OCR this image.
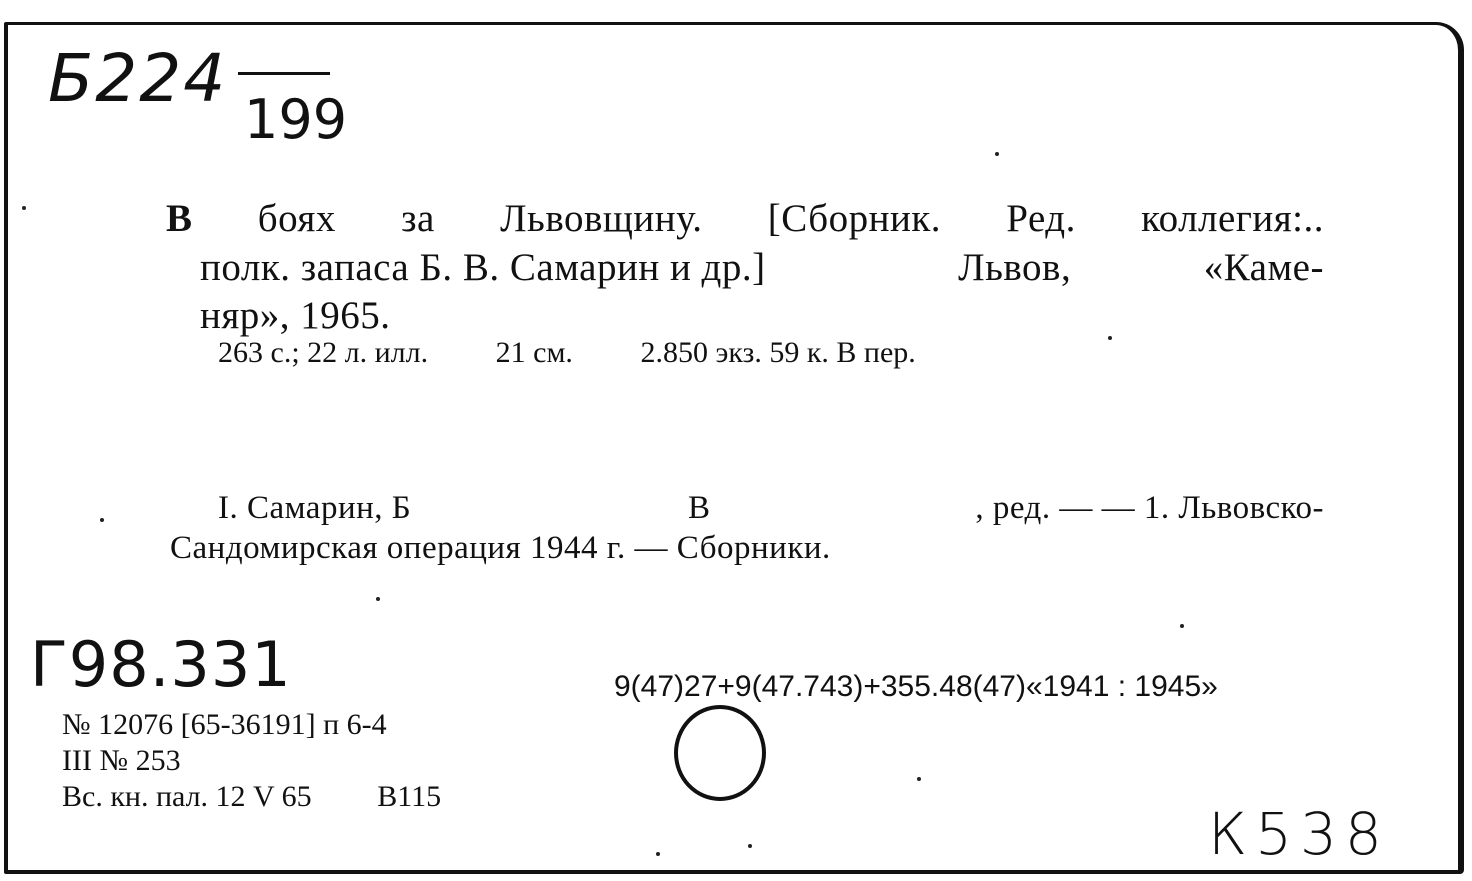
Б224
199
В боях за Львовщину. [Сборник. Ред. коллегия:..
полк. запаса Б. В. Самарин и др.]	Львов,	«Каме-
няр», 1965.
263 с.; 22 л. илл. 21 см. 2.850 экз. 59 к. В пер.
I. Самарин, Б	В	, ред. — — 1. Львовско-
Сандомирская операция 1944 г. — Сборники.
Г98.331	9(47)27+9(47.743)+355.48(47)«1941 : 1945»
№ 12076 [65-36191] п 6-4
III № 253
Вс. кн. пал. 12 V 65 В115
К538
